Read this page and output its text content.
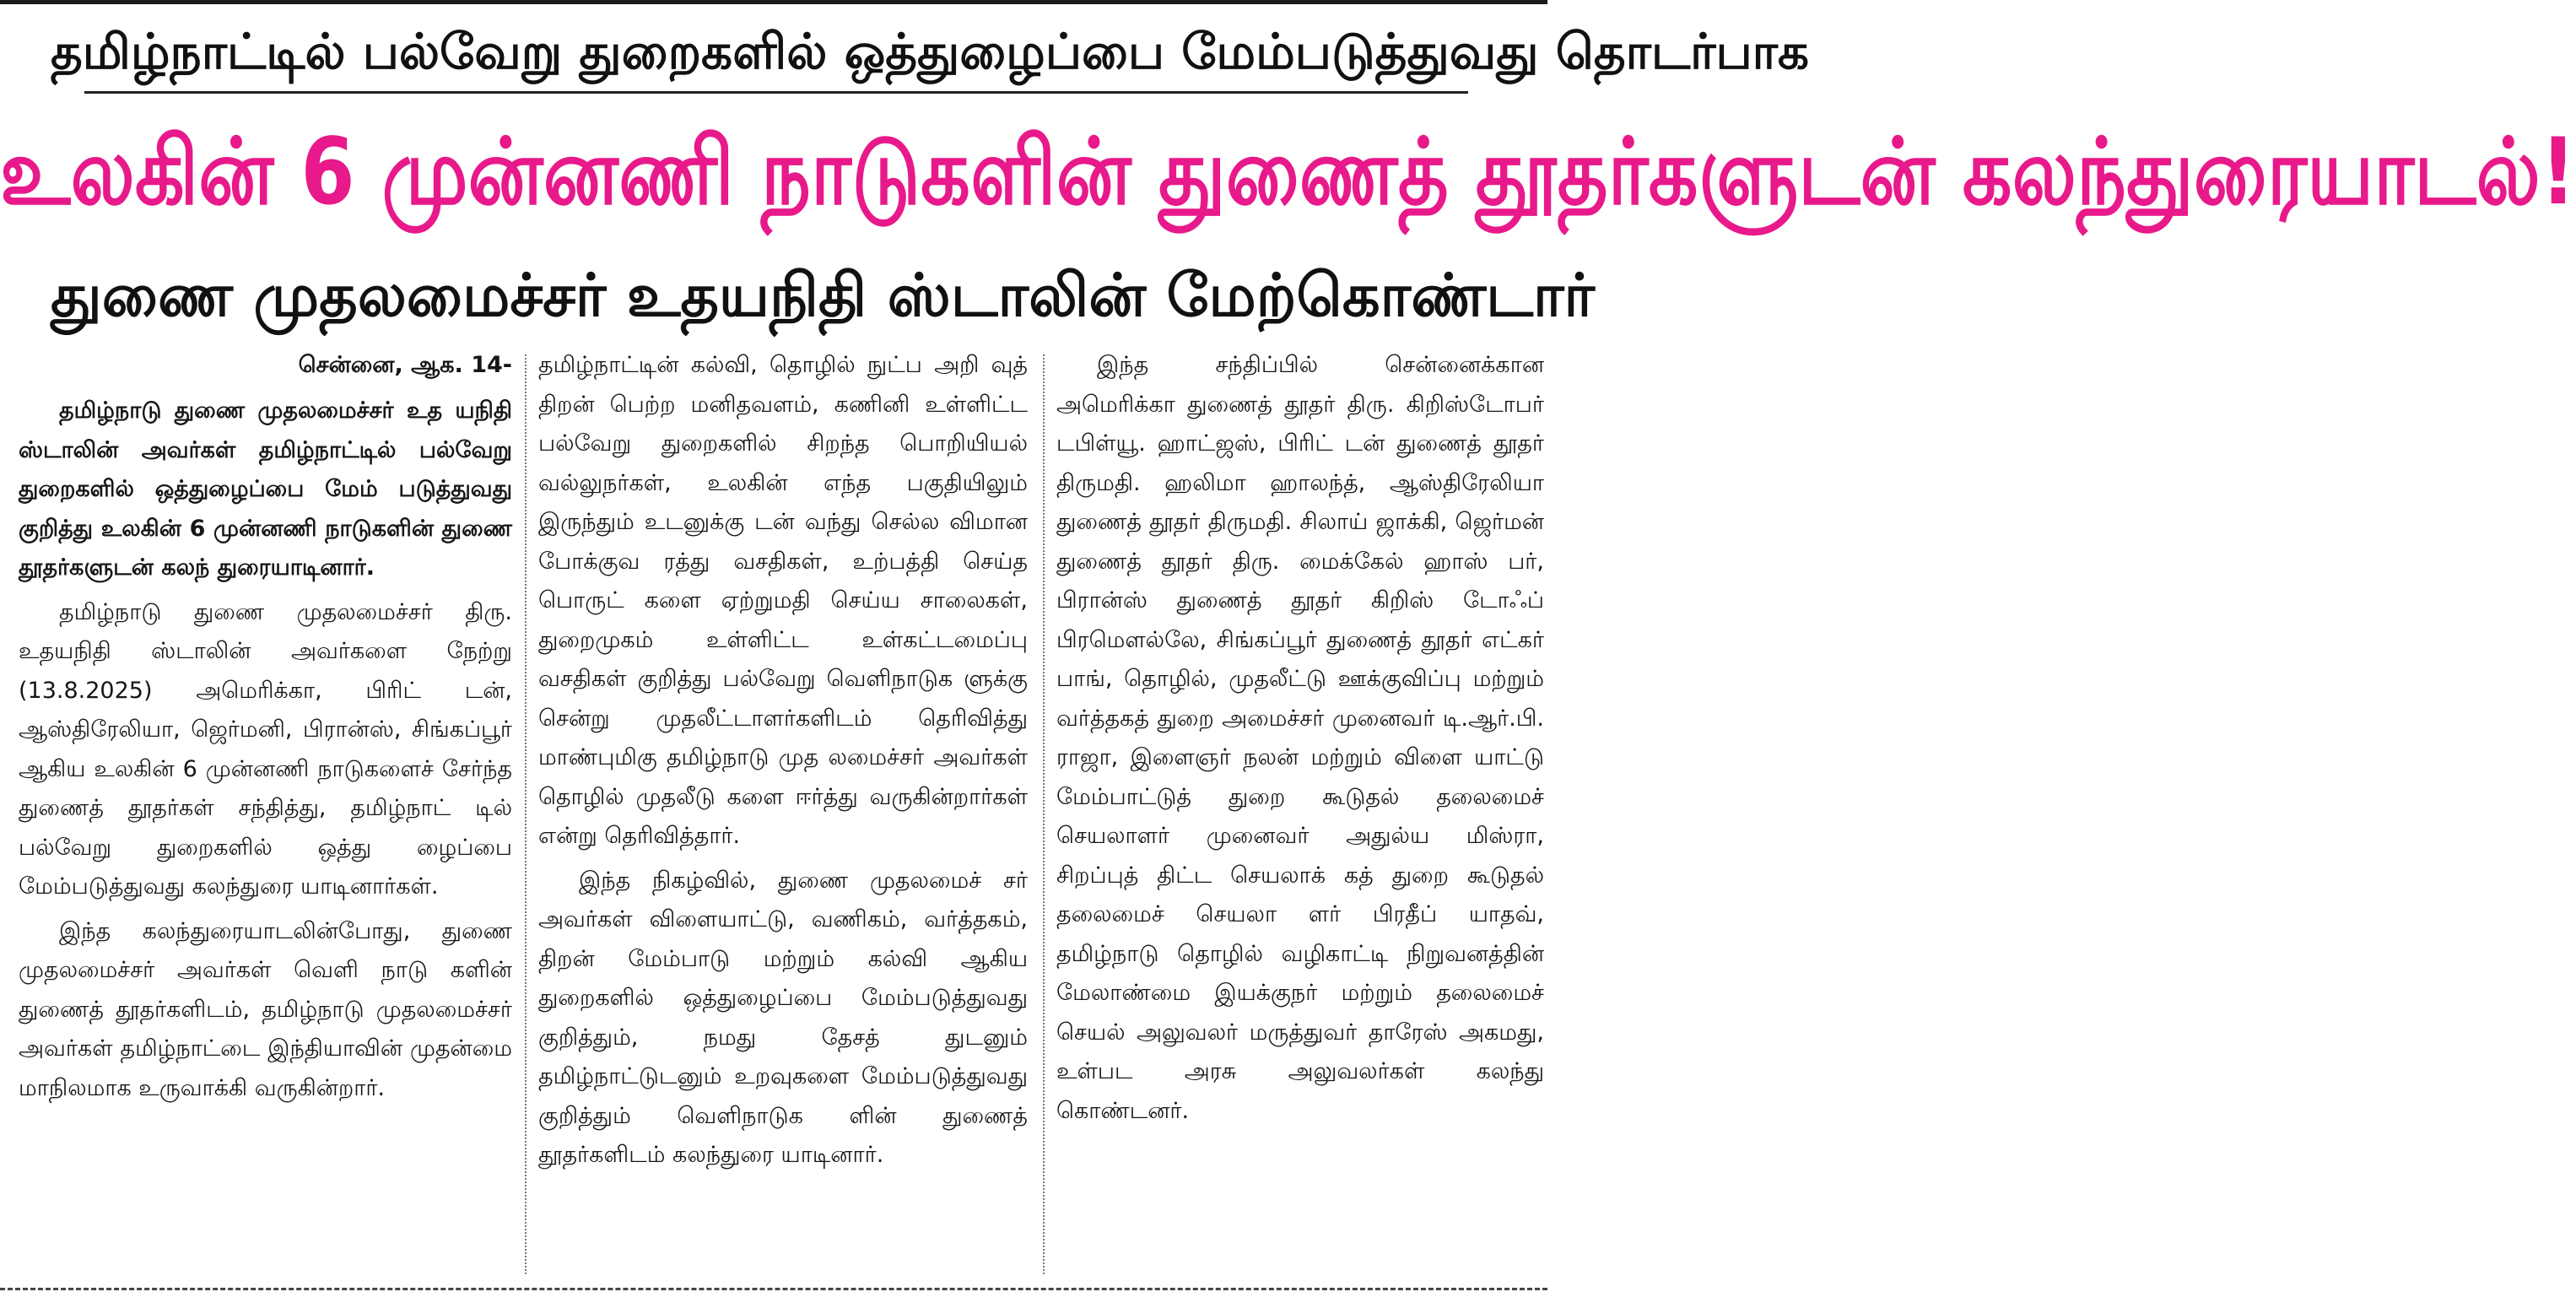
தமிழ்நாட்டில் பல்வேறு துறைகளில் ஒத்துழைப்பை மேம்படுத்துவது தொடர்பாக
உலகின் 6 முன்னணி நாடுகளின் துணைத் தூதர்களுடன் கலந்துரையாடல்!
துணை முதலமைச்சர் உதயநிதி ஸ்டாலின் மேற்கொண்டார்
சென்னை, ஆக. 14-

தமிழ்நாடு துணை முதலமைச்சர் உத யநிதி ஸ்டாலின் அவர்கள் தமிழ்நாட்டில் பல்வேறு துறைகளில் ஒத்துழைப்பை மேம் படுத்துவது குறித்து உலகின் 6 முன்னணி நாடுகளின் துணை தூதர்களுடன் கலந் துரையாடினார்.

தமிழ்நாடு துணை முதலமைச்சர் திரு. உதயநிதி ஸ்டாலின் அவர்களை நேற்று (13.8.2025) அமெரிக்கா, பிரிட் டன், ஆஸ்திரேலியா, ஜெர்மனி, பிரான்ஸ், சிங்கப்பூர் ஆகிய உலகின் 6 முன்னணி நாடுகளைச் சேர்ந்த துணைத் தூதர்கள் சந்தித்து, தமிழ்நாட் டில் பல்வேறு துறைகளில் ஒத்து ழைப்பை மேம்படுத்துவது கலந்துரை யாடினார்கள்.

இந்த கலந்துரையாடலின்போது, துணை முதலமைச்சர் அவர்கள் வெளி நாடு களின் துணைத் தூதர்களிடம், தமிழ்நாடு முதலமைச்சர் அவர்கள் தமிழ்நாட்டை இந்தியாவின் முதன்மை மாநிலமாக உருவாக்கி வருகின்றார்.

தமிழ்நாட்டின் கல்வி, தொழில் நுட்ப அறி வுத் திறன் பெற்ற மனிதவளம், கணினி உள்ளிட்ட பல்வேறு துறைகளில் சிறந்த பொறியியல் வல்லுநர்கள், உலகின் எந்த பகுதியிலும் இருந்தும் உடனுக்கு டன் வந்து செல்ல விமான போக்குவ ரத்து வசதிகள், உற்பத்தி செய்த பொருட் களை ஏற்றுமதி செய்ய சாலைகள், துறைமுகம் உள்ளிட்ட உள்கட்டமைப்பு வசதிகள் குறித்து பல்வேறு வெளிநாடுக ளுக்கு சென்று முதலீட்டாளர்களிடம் தெரிவித்து மாண்புமிகு தமிழ்நாடு முத லமைச்சர் அவர்கள் தொழில் முதலீடு களை ஈர்த்து வருகின்றார்கள் என்று தெரிவித்தார்.

இந்த நிகழ்வில், துணை முதலமைச் சர் அவர்கள் விளையாட்டு, வணிகம், வர்த்தகம், திறன் மேம்பாடு மற்றும் கல்வி ஆகிய துறைகளில் ஒத்துழைப்பை மேம்படுத்துவது குறித்தும், நமது தேசத் துடனும் தமிழ்நாட்டுடனும் உறவுகளை மேம்படுத்துவது குறித்தும் வெளிநாடுக ளின் துணைத் தூதர்களிடம் கலந்துரை யாடினார்.

இந்த சந்திப்பில் சென்னைக்கான அமெரிக்கா துணைத் தூதர் திரு. கிறிஸ்டோபர் டபிள்யூ. ஹாட்ஜஸ், பிரிட் டன் துணைத் தூதர் திருமதி. ஹலிமா ஹாலந்த், ஆஸ்திரேலியா துணைத் தூதர் திருமதி. சிலாய் ஜாக்கி, ஜெர்மன் துணைத் தூதர் திரு. மைக்கேல் ஹாஸ் பர், பிரான்ஸ் துணைத் தூதர் கிறிஸ் டோஃப் பிரமௌல்லே, சிங்கப்பூர் துணைத் தூதர் எட்கர் பாங், தொழில், முதலீட்டு ஊக்குவிப்பு மற்றும் வர்த்தகத் துறை அமைச்சர் முனைவர் டி.ஆர்.பி. ராஜா, இளைஞர் நலன் மற்றும் விளை யாட்டு மேம்பாட்டுத் துறை கூடுதல் தலைமைச் செயலாளர் முனைவர் அதுல்ய மிஸ்ரா, சிறப்புத் திட்ட செயலாக் கத் துறை கூடுதல் தலைமைச் செயலா ளர் பிரதீப் யாதவ், தமிழ்நாடு தொழில் வழிகாட்டி நிறுவனத்தின் மேலாண்மை இயக்குநர் மற்றும் தலைமைச் செயல் அலுவலர் மருத்துவர் தாரேஸ் அகமது, உள்பட அரசு அலுவலர்கள் கலந்து கொண்டனர்.
